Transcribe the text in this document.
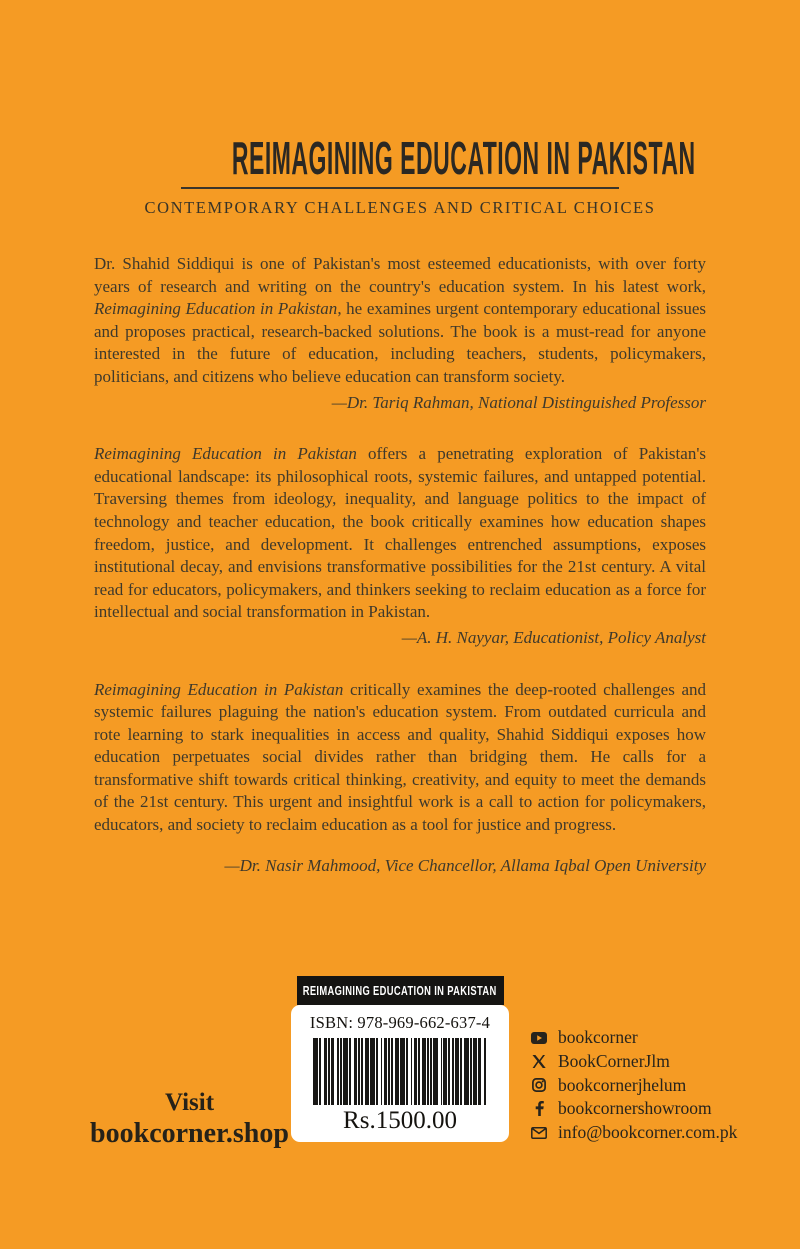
REIMAGINING EDUCATION IN PAKISTAN
CONTEMPORARY CHALLENGES AND CRITICAL CHOICES

Dr. Shahid Siddiqui is one of Pakistan's most esteemed educationists, with over forty years of research and writing on the country's education system. In his latest work, Reimagining Education in Pakistan, he examines urgent contemporary educational issues and proposes practical, research-backed solutions. The book is a must-read for anyone interested in the future of education, including teachers, students, policymakers, politicians, and citizens who believe education can transform society.

—Dr. Tariq Rahman, National Distinguished Professor

Reimagining Education in Pakistan offers a penetrating exploration of Pakistan's educational landscape: its philosophical roots, systemic failures, and untapped potential. Traversing themes from ideology, inequality, and language politics to the impact of technology and teacher education, the book critically examines how education shapes freedom, justice, and development. It challenges entrenched assumptions, exposes institutional decay, and envisions transformative possibilities for the 21st century. A vital read for educators, policymakers, and thinkers seeking to reclaim education as a force for intellectual and social transformation in Pakistan.

—A. H. Nayyar, Educationist, Policy Analyst

Reimagining Education in Pakistan critically examines the deep-rooted challenges and systemic failures plaguing the nation's education system. From outdated curricula and rote learning to stark inequalities in access and quality, Shahid Siddiqui exposes how education perpetuates social divides rather than bridging them. He calls for a transformative shift towards critical thinking, creativity, and equity to meet the demands of the 21st century. This urgent and insightful work is a call to action for policymakers, educators, and society to reclaim education as a tool for justice and progress.

—Dr. Nasir Mahmood, Vice Chancellor, Allama Iqbal Open University

Visit
bookcorner.shop
REIMAGINING EDUCATION IN PAKISTAN
ISBN: 978-969-662-637-4
Rs.1500.00
bookcorner
BookCornerJlm
bookcornerjhelum
bookcornershowroom
info@bookcorner.com.pk
